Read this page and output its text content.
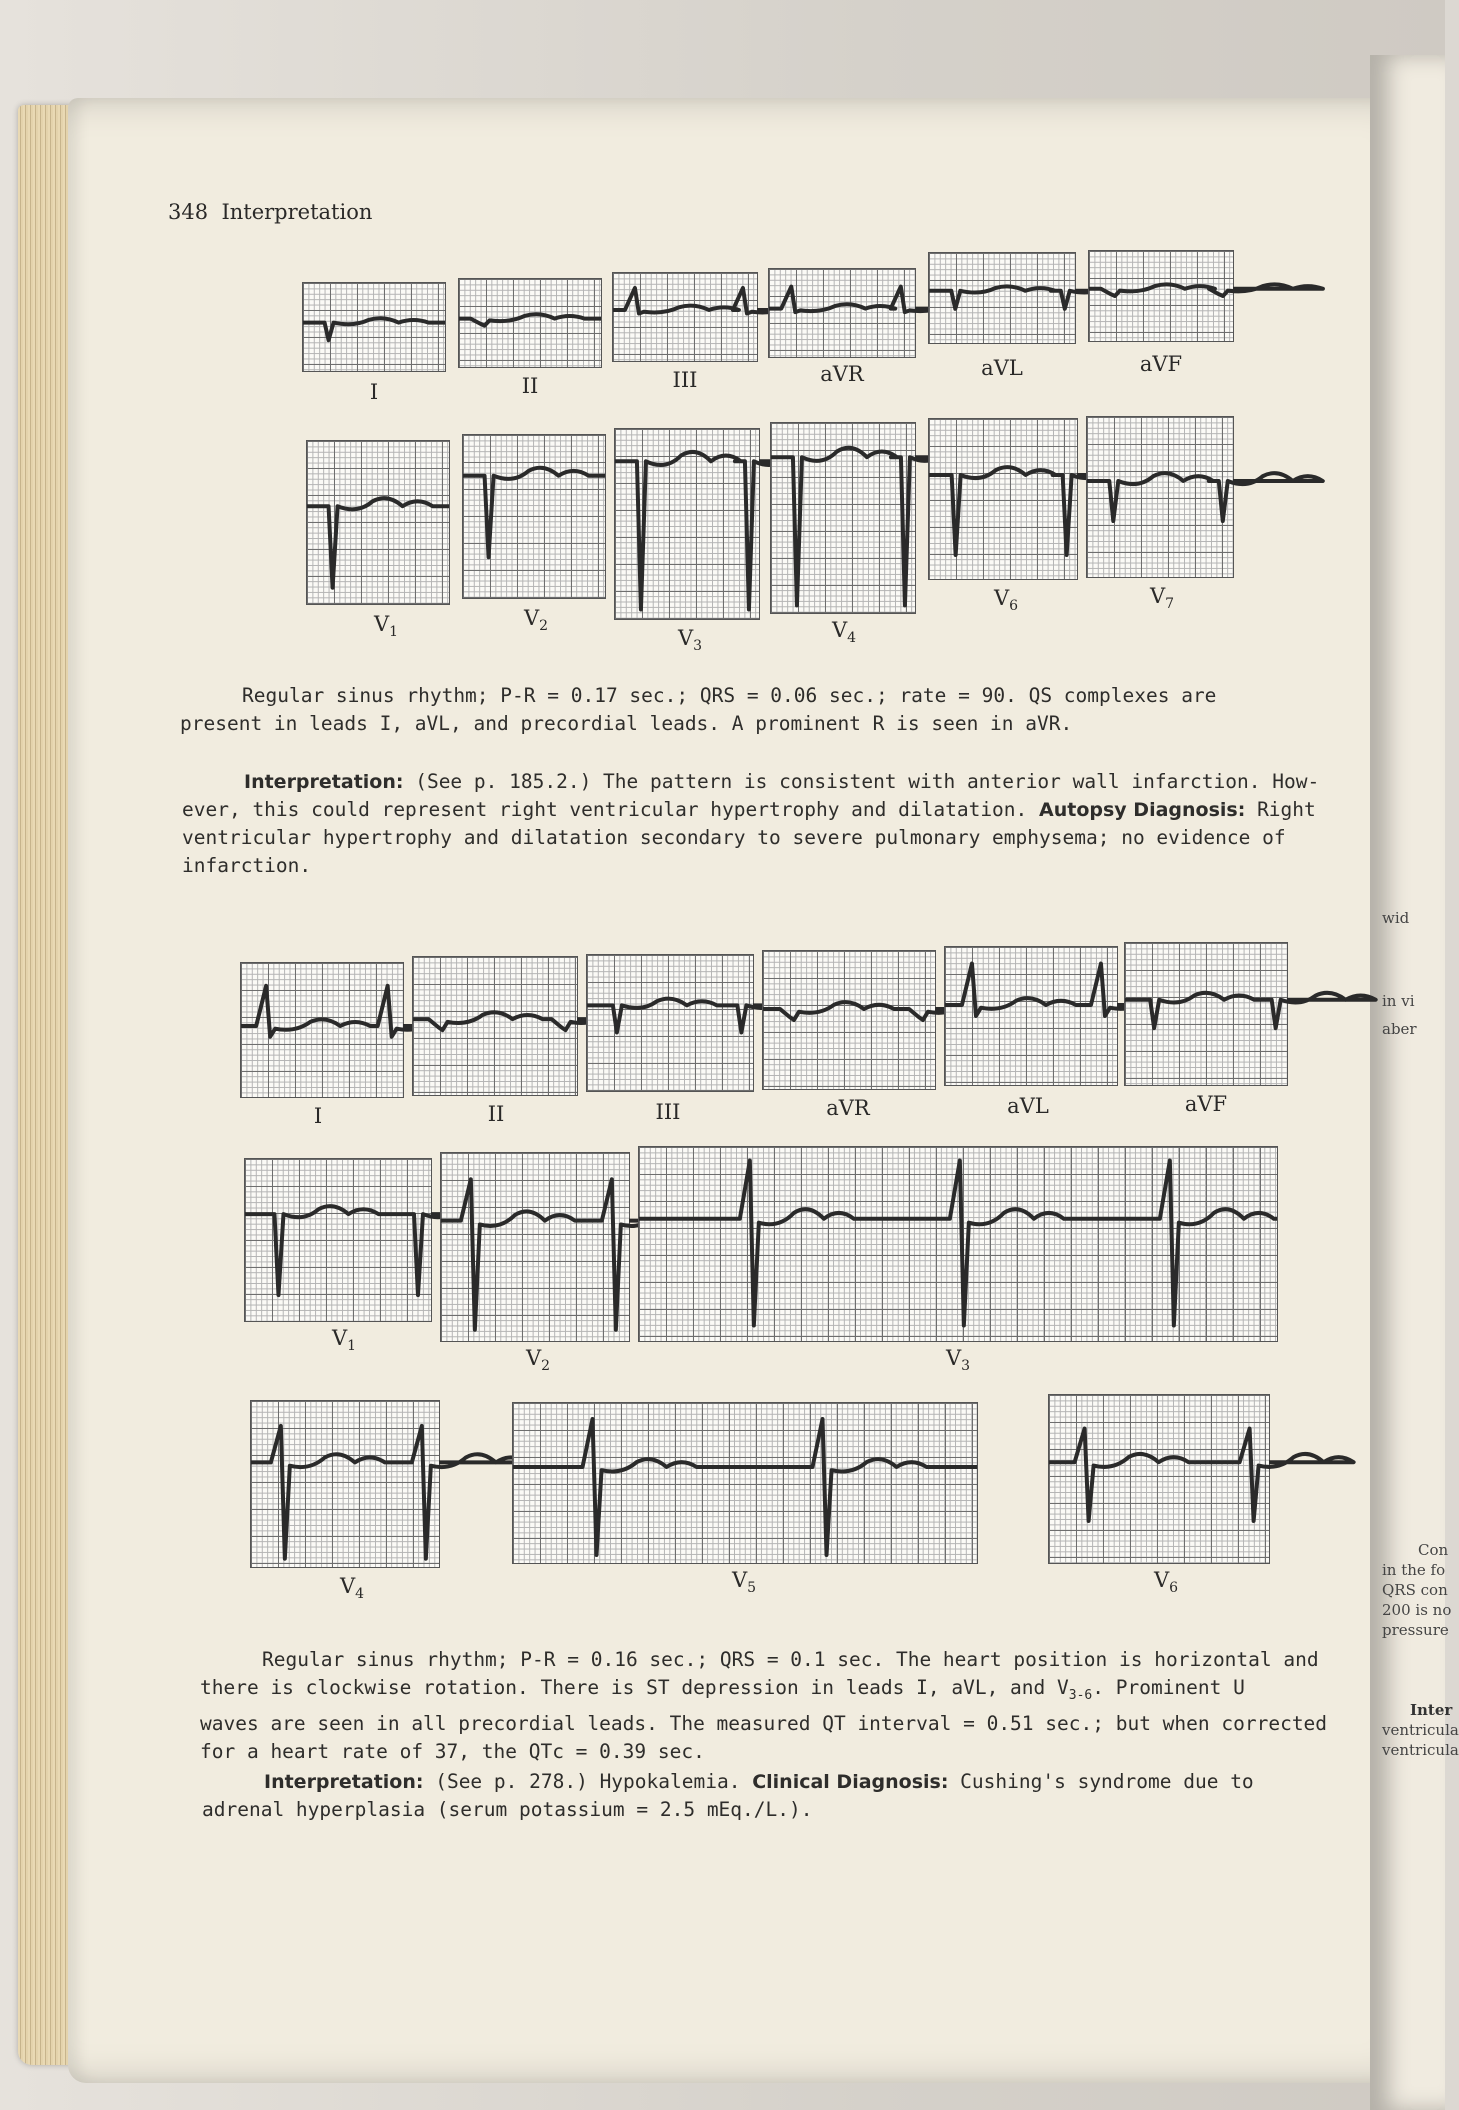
wid
in vi
aber
Con
in the fo
QRS con
200 is no
pressure
Inter
ventricula
ventricula
348 Interpretation
I	II	III	aVR	aVL	aVF
$V_1$
$V_2$	$V_3$
$V_4$
$V_6$	$V_7$
Regular sinus rhythm; P-R = 0.17 sec.; QRS = 0.06 sec.; rate = 90. QS complexes are
present in leads I, aVL, and precordial leads. A prominent R is seen in aVR.
Interpretation: (See p. 185.2.) The pattern is consistent with anterior wall infarction. How-
ever, this could represent right ventricular hypertrophy and dilatation. Autopsy Diagnosis: Right
ventricular hypertrophy and dilatation secondary to severe pulmonary emphysema; no evidence of
infarction.
I	II	III	aVR	aVL	aVF
$V_1$	$V_2$	$V_3$
$V_4$
$V_5$	$V_6$
Regular sinus rhythm; P-R = 0.16 sec.; QRS = 0.1 sec. The heart position is horizontal and
there is clockwise rotation. There is ST depression in leads I, aVL, and $V_{3-6}$. Prominent U
waves are seen in all precordial leads. The measured QT interval = 0.51 sec.; but when corrected
for a heart rate of 37, the QTc = 0.39 sec.
Interpretation: (See p. 278.) Hypokalemia. Clinical Diagnosis: Cushing's syndrome due to
adrenal hyperplasia (serum potassium = 2.5 mEq./L.).
